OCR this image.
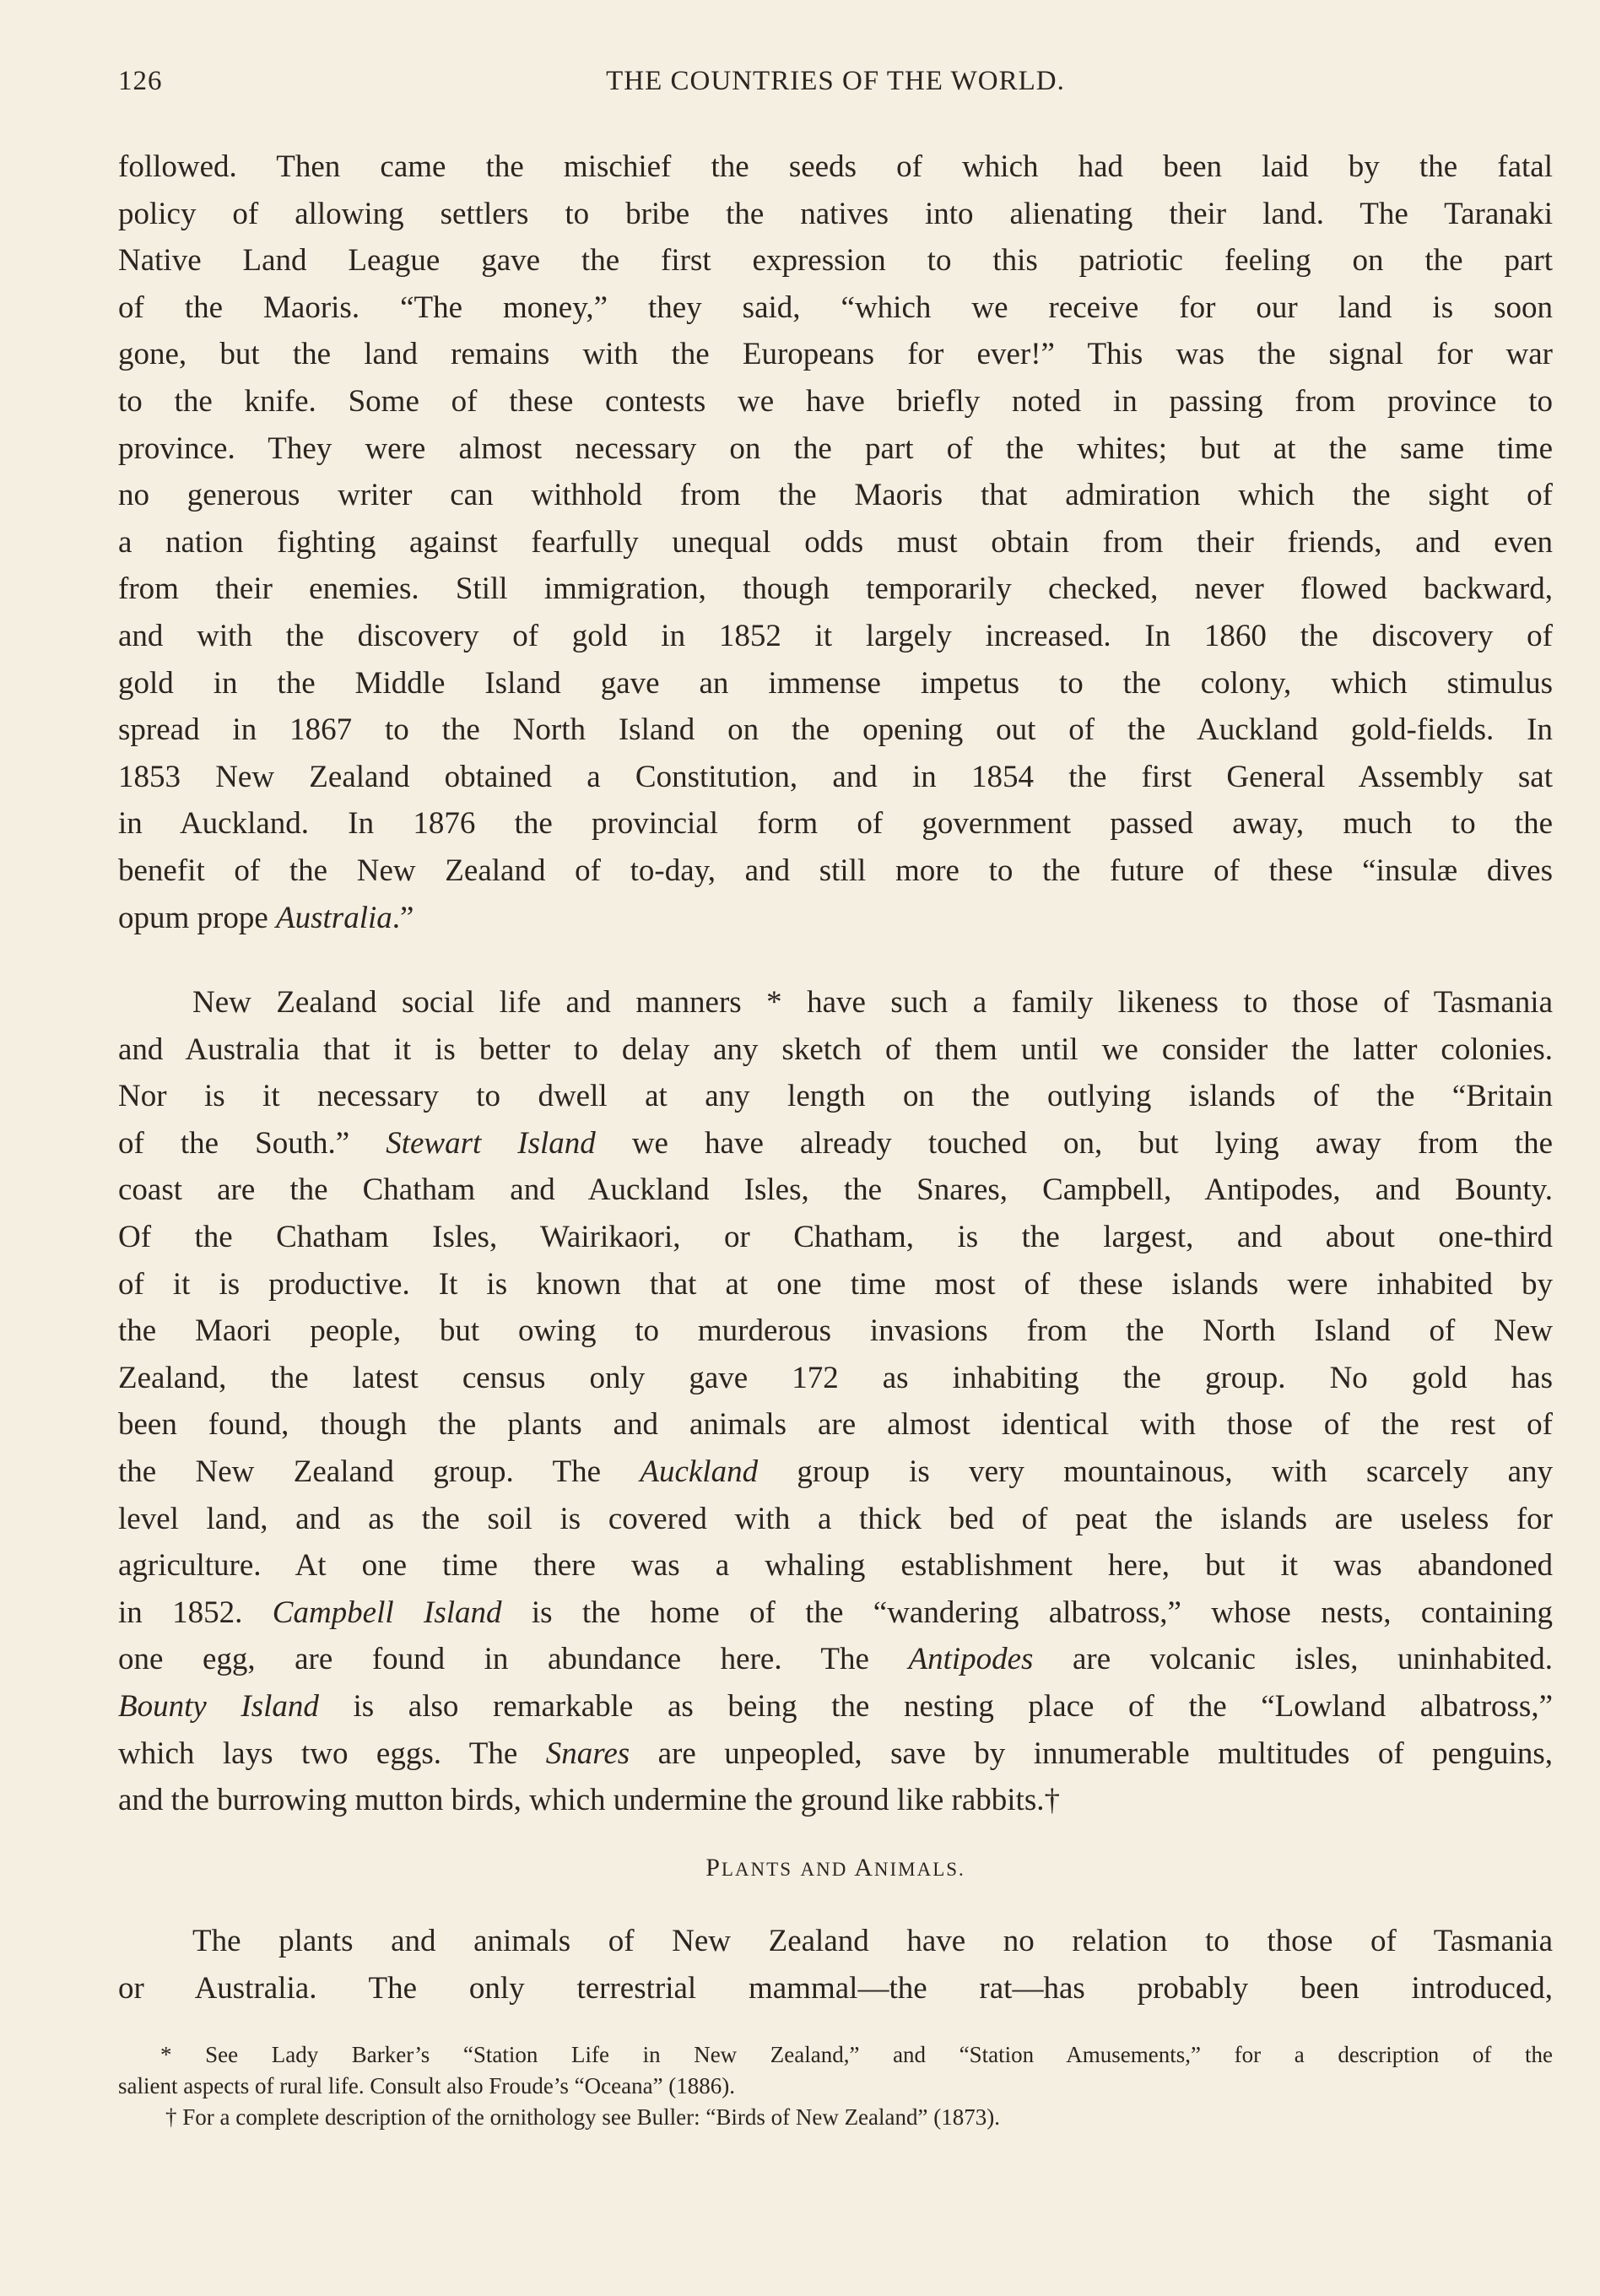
126	THE COUNTRIES OF THE WORLD.
followed. Then came the mischief the seeds of which had been laid by the fatal
policy of allowing settlers to bribe the natives into alienating their land. The Taranaki
Native Land League gave the first expression to this patriotic feeling on the part
of the Maoris. “The money,” they said, “which we receive for our land is soon
gone, but the land remains with the Europeans for ever!” This was the signal for war
to the knife. Some of these contests we have briefly noted in passing from province to
province. They were almost necessary on the part of the whites; but at the same time
no generous writer can withhold from the Maoris that admiration which the sight of
a nation fighting against fearfully unequal odds must obtain from their friends, and even
from their enemies. Still immigration, though temporarily checked, never flowed backward,
and with the discovery of gold in 1852 it largely increased. In 1860 the discovery of
gold in the Middle Island gave an immense impetus to the colony, which stimulus
spread in 1867 to the North Island on the opening out of the Auckland gold-fields. In
1853 New Zealand obtained a Constitution, and in 1854 the first General Assembly sat
in Auckland. In 1876 the provincial form of government passed away, much to the
benefit of the New Zealand of to-day, and still more to the future of these “insulæ dives
opum prope Australia.”
New Zealand social life and manners * have such a family likeness to those of Tasmania
and Australia that it is better to delay any sketch of them until we consider the latter colonies.
Nor is it necessary to dwell at any length on the outlying islands of the “Britain
of the South.” Stewart Island we have already touched on, but lying away from the
coast are the Chatham and Auckland Isles, the Snares, Campbell, Antipodes, and Bounty.
Of the Chatham Isles, Wairikaori, or Chatham, is the largest, and about one-third
of it is productive. It is known that at one time most of these islands were inhabited by
the Maori people, but owing to murderous invasions from the North Island of New
Zealand, the latest census only gave 172 as inhabiting the group. No gold has
been found, though the plants and animals are almost identical with those of the rest of
the New Zealand group. The Auckland group is very mountainous, with scarcely any
level land, and as the soil is covered with a thick bed of peat the islands are useless for
agriculture. At one time there was a whaling establishment here, but it was abandoned
in 1852. Campbell Island is the home of the “wandering albatross,” whose nests, containing
one egg, are found in abundance here. The Antipodes are volcanic isles, uninhabited.
Bounty Island is also remarkable as being the nesting place of the “Lowland albatross,”
which lays two eggs. The Snares are unpeopled, save by innumerable multitudes of penguins,
and the burrowing mutton birds, which undermine the ground like rabbits.†
PLANTS AND ANIMALS.
The plants and animals of New Zealand have no relation to those of Tasmania
or Australia. The only terrestrial mammal—the rat—has probably been introduced,
* See Lady Barker’s “Station Life in New Zealand,” and “Station Amusements,” for a description of the
salient aspects of rural life. Consult also Froude’s “Oceana” (1886).
† For a complete description of the ornithology see Buller: “Birds of New Zealand” (1873).
